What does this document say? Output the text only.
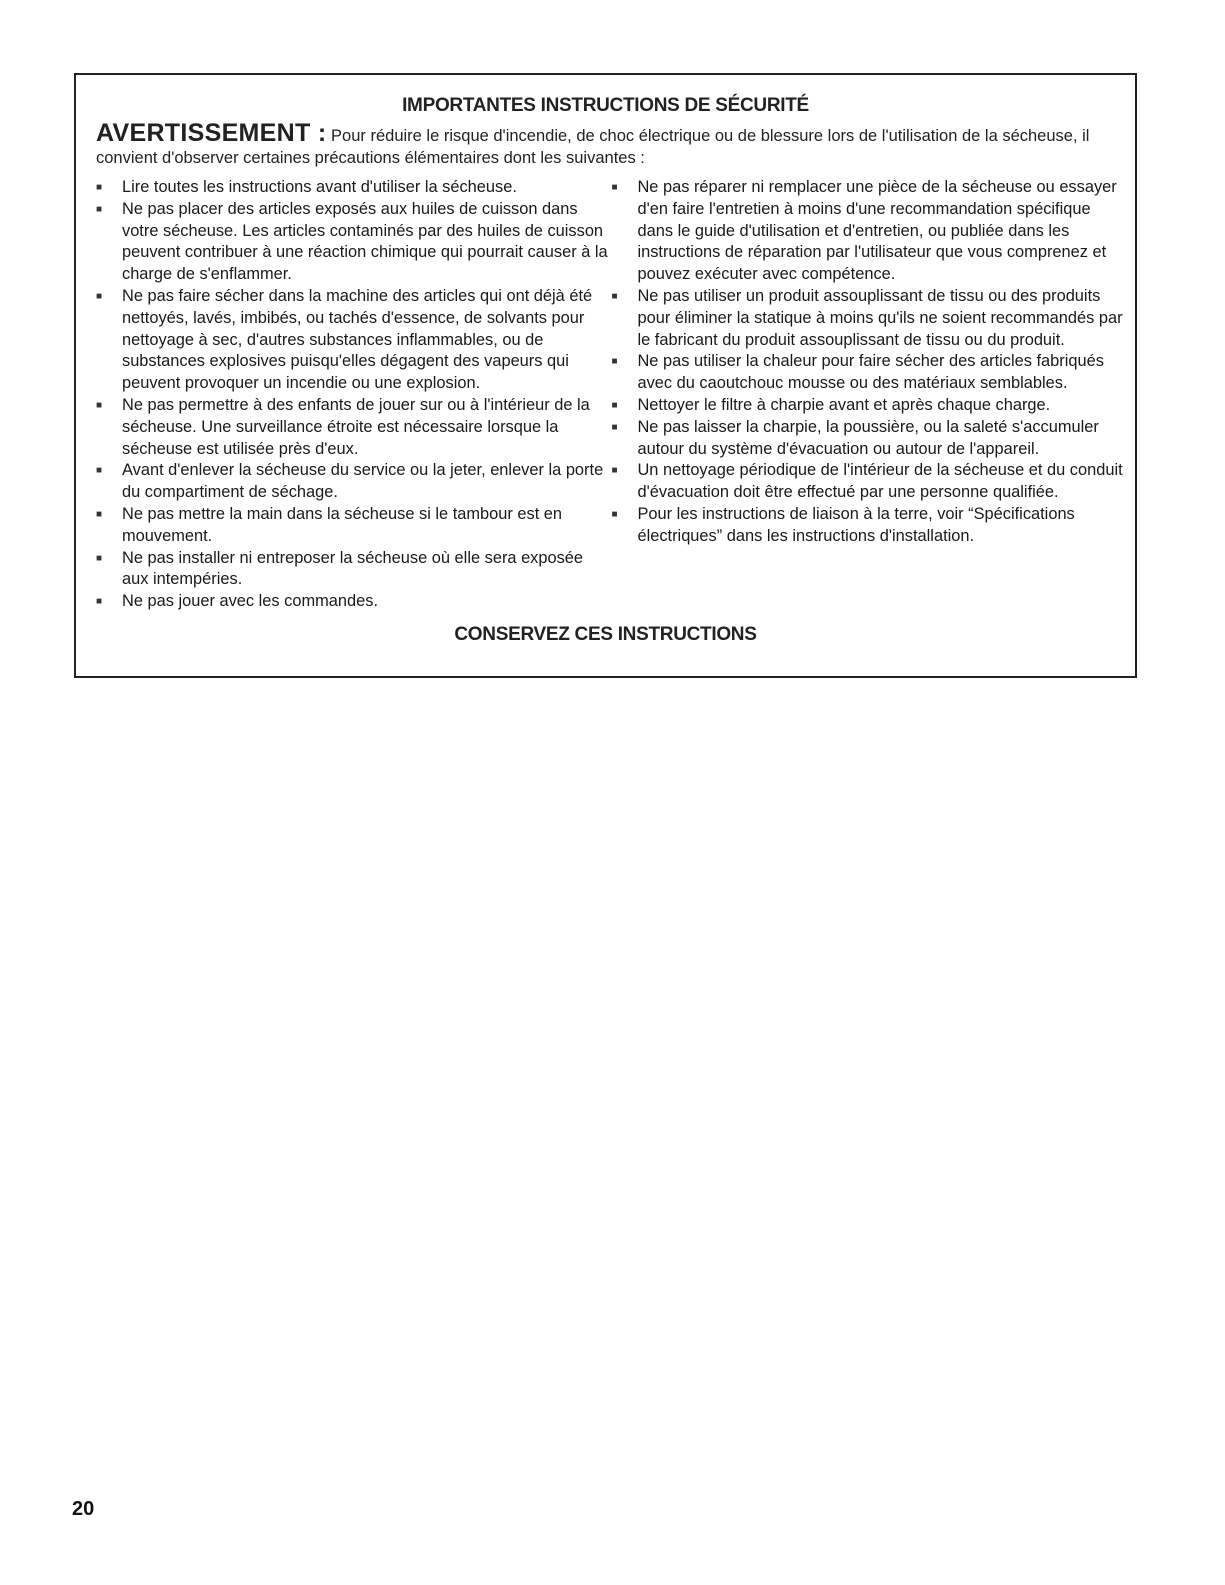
IMPORTANTES INSTRUCTIONS DE SÉCURITÉ

AVERTISSEMENT : Pour réduire le risque d'incendie, de choc électrique ou de blessure lors de l'utilisation de la sécheuse, il convient d'observer certaines précautions élémentaires dont les suivantes :

■	Lire toutes les instructions avant d'utiliser la sécheuse.
■	Ne pas placer des articles exposés aux huiles de cuisson dans votre sécheuse. Les articles contaminés par des huiles de cuisson peuvent contribuer à une réaction chimique qui pourrait causer à la charge de s'enflammer.
■	Ne pas faire sécher dans la machine des articles qui ont déjà été nettoyés, lavés, imbibés, ou tachés d'essence, de solvants pour nettoyage à sec, d'autres substances inflammables, ou de substances explosives puisqu'elles dégagent des vapeurs qui peuvent provoquer un incendie ou une explosion.
■	Ne pas permettre à des enfants de jouer sur ou à l'intérieur de la sécheuse. Une surveillance étroite est nécessaire lorsque la sécheuse est utilisée près d'eux.
■	Avant d'enlever la sécheuse du service ou la jeter, enlever la porte du compartiment de séchage.
■	Ne pas mettre la main dans la sécheuse si le tambour est en mouvement.
■	Ne pas installer ni entreposer la sécheuse où elle sera exposée aux intempéries.
■	Ne pas jouer avec les commandes.
■	Ne pas réparer ni remplacer une pièce de la sécheuse ou essayer d'en faire l'entretien à moins d'une recommandation spécifique dans le guide d'utilisation et d'entretien, ou publiée dans les instructions de réparation par l'utilisateur que vous comprenez et pouvez exécuter avec compétence.
■	Ne pas utiliser un produit assouplissant de tissu ou des produits pour éliminer la statique à moins qu'ils ne soient recommandés par le fabricant du produit assouplissant de tissu ou du produit.
■	Ne pas utiliser la chaleur pour faire sécher des articles fabriqués avec du caoutchouc mousse ou des matériaux semblables.
■	Nettoyer le filtre à charpie avant et après chaque charge.
■	Ne pas laisser la charpie, la poussière, ou la saleté s'accumuler autour du système d'évacuation ou autour de l'appareil.
■	Un nettoyage périodique de l'intérieur de la sécheuse et du conduit d'évacuation doit être effectué par une personne qualifiée.
■	Pour les instructions de liaison à la terre, voir “Spécifications électriques” dans les instructions d'installation.
CONSERVEZ CES INSTRUCTIONS
20
